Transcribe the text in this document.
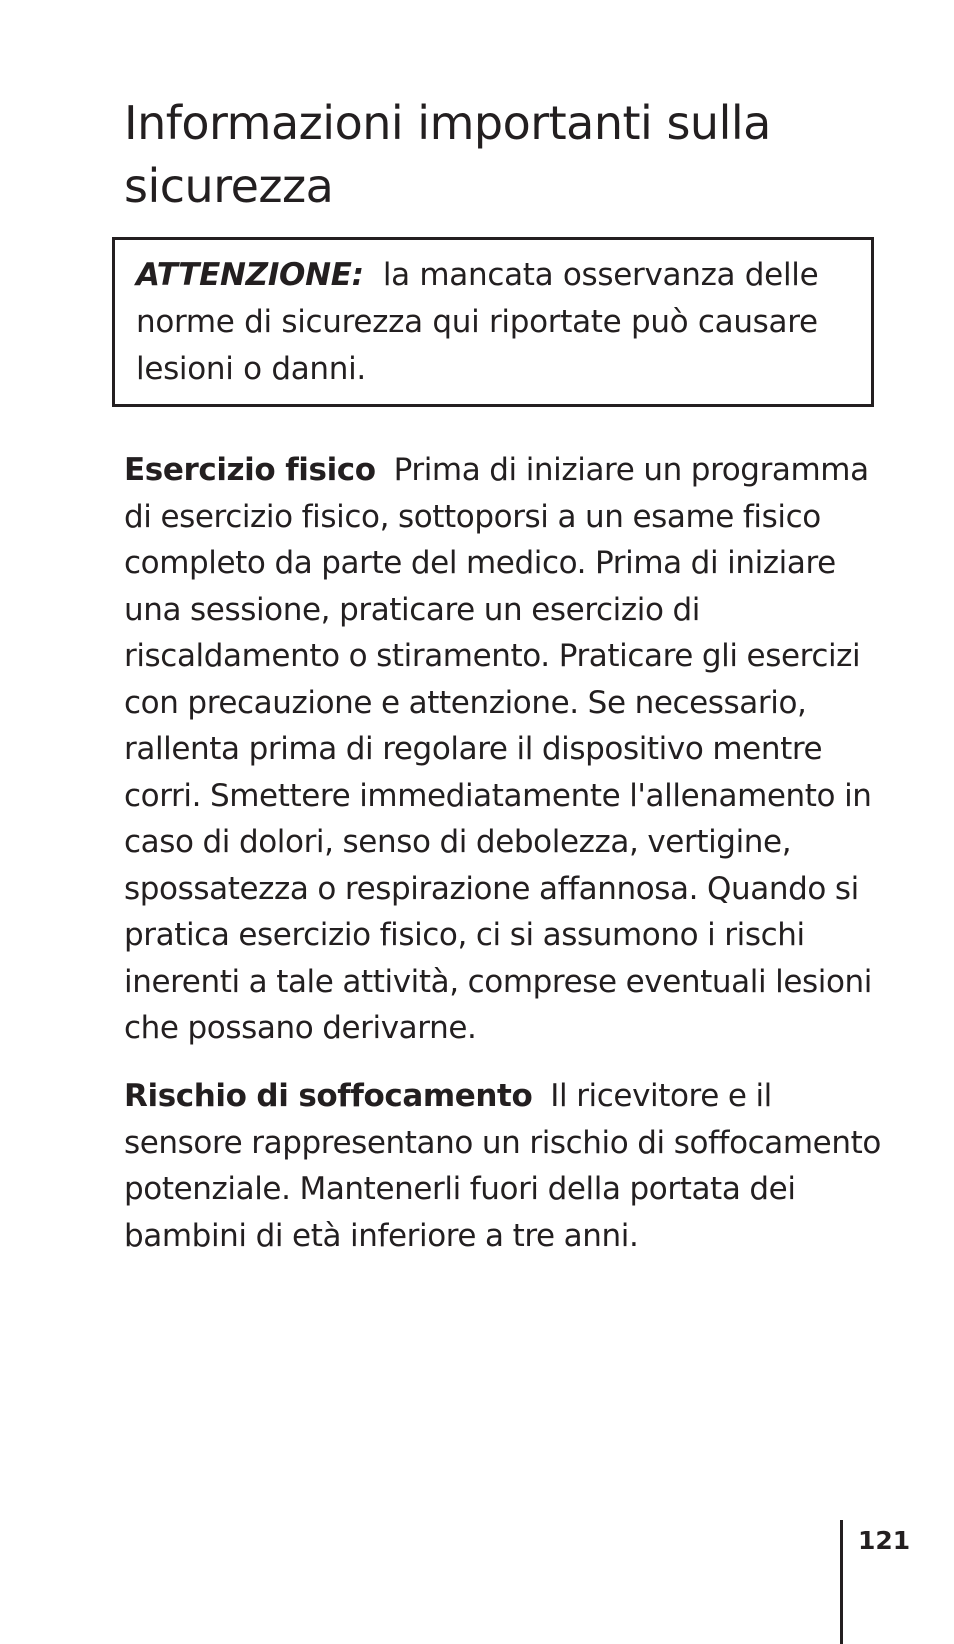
Informazioni importanti sulla sicurezza
ATTENZIONE: la mancata osservanza delle norme di sicurezza qui riportate può causare lesioni o danni.

Esercizio fisico Prima di iniziare un programma di esercizio fisico, sottoporsi a un esame fisico completo da parte del medico. Prima di iniziare una sessione, praticare un esercizio di riscaldamento o stiramento. Praticare gli esercizi con precauzione e attenzione. Se necessario, rallenta prima di regolare il dispositivo mentre corri. Smettere immediatamente l'allenamento in caso di dolori, senso di debolezza, vertigine, spossatezza o respirazione affannosa. Quando si pratica esercizio fisico, ci si assumono i rischi inerenti a tale attività, comprese eventuali lesioni che possano derivarne.

Rischio di soffocamento Il ricevitore e il sensore rappresentano un rischio di soffocamento potenziale. Mantenerli fuori della portata dei bambini di età inferiore a tre anni.

121
